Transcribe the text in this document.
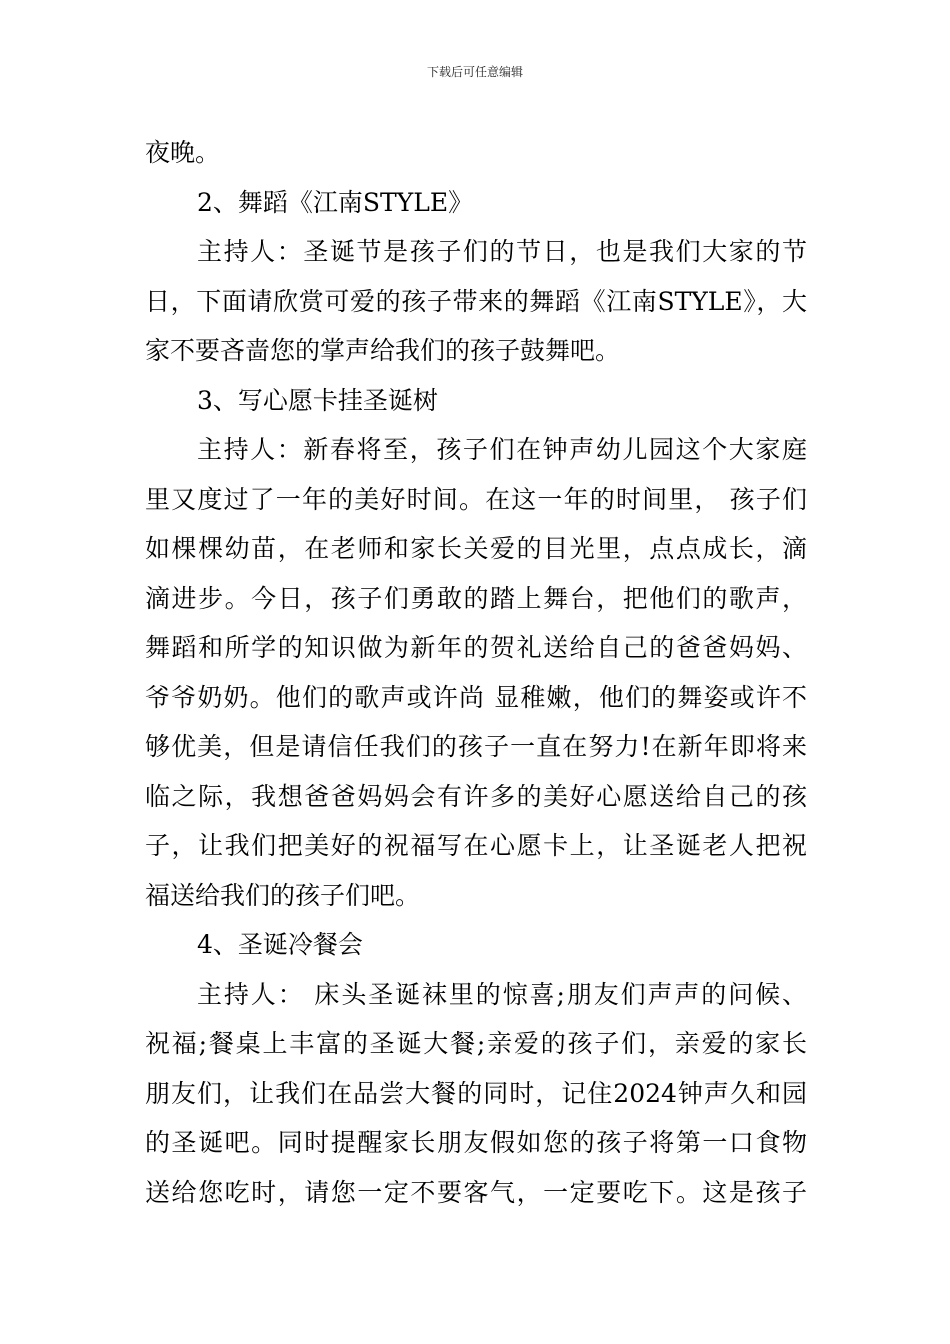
下载后可任意编辑
夜晚。
2、舞蹈《江南STYLE》
主持人：圣诞节是孩子们的节日，也是我们大家的节
日，下面请欣赏可爱的孩子带来的舞蹈《江南STYLE》，大
家不要吝啬您的掌声给我们的孩子鼓舞吧。
3、写心愿卡挂圣诞树
主持人：新春将至，孩子们在钟声幼儿园这个大家庭
里又度过了一年的美好时间。在这一年的时间里， 孩子们
如棵棵幼苗，在老师和家长关爱的目光里，点点成长，滴
滴进步。今日，孩子们勇敢的踏上舞台，把他们的歌声，
舞蹈和所学的知识做为新年的贺礼送给自己的爸爸妈妈、
爷爷奶奶。他们的歌声或许尚 显稚嫩，他们的舞姿或许不
够优美，但是请信任我们的孩子一直在努力!在新年即将来
临之际，我想爸爸妈妈会有许多的美好心愿送给自己的孩
子，让我们把美好的祝福写在心愿卡上，让圣诞老人把祝
福送给我们的孩子们吧。
4、圣诞冷餐会
主持人： 床头圣诞袜里的惊喜;朋友们声声的问候、
祝福;餐桌上丰富的圣诞大餐;亲爱的孩子们，亲爱的家长
朋友们，让我们在品尝大餐的同时，记住2024钟声久和园
的圣诞吧。同时提醒家长朋友假如您的孩子将第一口食物
送给您吃时，请您一定不要客气，一定要吃下。这是孩子
